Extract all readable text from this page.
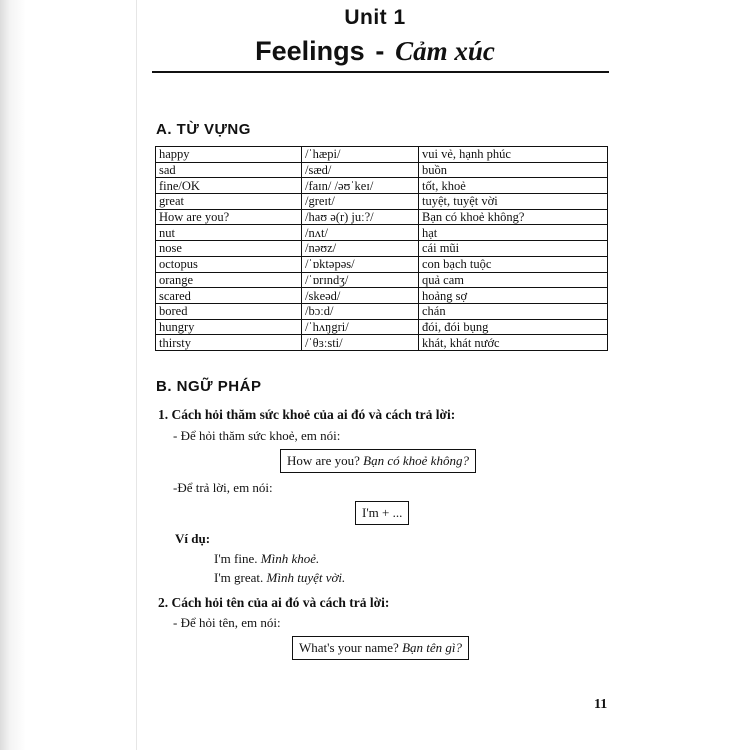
Unit 1
Feelings - Cảm xúc
A. TỪ VỰNG
happy	/ˈhæpi/	vui vẻ, hạnh phúc
sad	/sæd/	buồn
fine/OK	/faɪn/ /əʊˈkeɪ/	tốt, khoẻ
great	/greɪt/	tuyệt, tuyệt vời
How are you?	/haʊ ə(r) juː?/	Bạn có khoẻ không?
nut	/nʌt/	hạt
nose	/nəʊz/	cái mũi
octopus	/ˈɒktəpəs/	con bạch tuộc
orange	/ˈɒrɪndʒ/	quả cam
scared	/skeəd/	hoảng sợ
bored	/bɔːd/	chán
hungry	/ˈhʌŋgri/	đói, đói bụng
thirsty	/ˈθɜːsti/	khát, khát nước
B. NGỮ PHÁP
1. Cách hỏi thăm sức khoẻ của ai đó và cách trả lời:
- Để hỏi thăm sức khoẻ, em nói:
How are you? Bạn có khoẻ không?
-Để trả lời, em nói:
I'm + ...
Ví dụ:
I'm fine. Mình khoẻ.
I'm great. Mình tuyệt vời.
2. Cách hỏi tên của ai đó và cách trả lời:
- Để hỏi tên, em nói:
What's your name? Bạn tên gì?
11
